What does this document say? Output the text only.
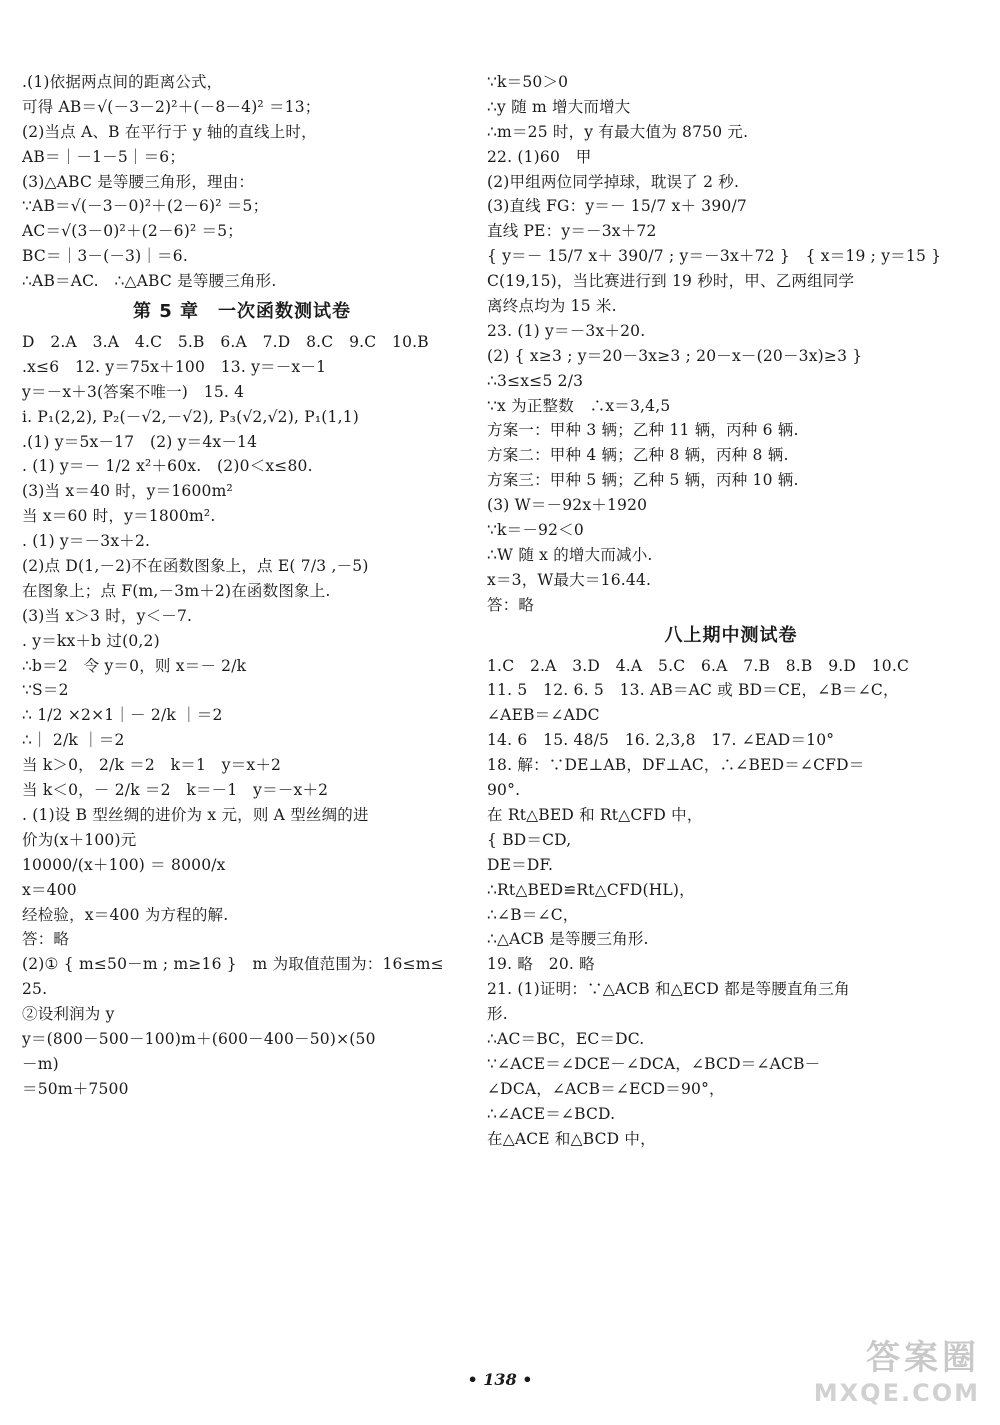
.(1)依据两点间的距离公式，
可得 AB＝√(－3－2)²＋(－8－4)² ＝13；
(2)当点 A、B 在平行于 y 轴的直线上时，
AB＝｜－1－5｜＝6；
(3)△ABC 是等腰三角形，理由：
∵AB＝√(－3－0)²＋(2－6)² ＝5；
AC＝√(3－0)²＋(2－6)² ＝5；
BC＝｜3－(－3)｜＝6.
∴AB＝AC.　∴△ABC 是等腰三角形.
第 5 章　一次函数测试卷
D　2.A　3.A　4.C　5.B　6.A　7.D　8.C　9.C　10.B
.x≤6　12. y＝75x＋100　13. y＝－x－1
y＝－x＋3(答案不唯一)　15. 4
i. P₁(2,2), P₂(－√2,－√2), P₃(√2,√2), P₁(1,1)
.(1) y＝5x－17　(2) y＝4x－14
. (1) y＝－ 1/2 x²＋60x.　(2)0＜x≤80.
(3)当 x＝40 时，y＝1600m²
当 x＝60 时，y＝1800m².
. (1) y＝－3x＋2.
(2)点 D(1,－2)不在函数图象上，点 E( 7/3 ,－5)
在图象上；点 F(m,－3m＋2)在函数图象上.
(3)当 x＞3 时，y＜－7.
. y＝kx＋b 过(0,2)
∴b＝2　令 y＝0，则 x＝－ 2/k
∵S＝2
∴ 1/2 ×2×1｜－ 2/k ｜＝2
∴｜ 2/k ｜＝2
当 k＞0， 2/k ＝2　k＝1　y＝x＋2
当 k＜0，－ 2/k ＝2　k＝－1　y＝－x＋2
. (1)设 B 型丝绸的进价为 x 元，则 A 型丝绸的进
价为(x＋100)元
10000/(x＋100) ＝ 8000/x
x＝400
经检验，x＝400 为方程的解.
答：略
(2)① { m≤50－m ; m≥16 }　m 为取值范围为：16≤m≤
25.
②设利润为 y
y＝(800－500－100)m＋(600－400－50)×(50
－m)
＝50m＋7500
∵k＝50＞0
∴y 随 m 增大而增大
∴m＝25 时，y 有最大值为 8750 元.
22. (1)60　甲
(2)甲组两位同学掉球，耽误了 2 秒.
(3)直线 FG：y＝－ 15/7 x＋ 390/7
直线 PE：y＝－3x＋72
{ y＝－ 15/7 x＋ 390/7 ; y＝－3x＋72 }　{ x＝19 ; y＝15 }
C(19,15)，当比赛进行到 19 秒时，甲、乙两组同学
离终点均为 15 米.
23. (1) y＝－3x＋20.
(2) { x≥3 ; y＝20－3x≥3 ; 20－x－(20－3x)≥3 }
∴3≤x≤5 2/3
∵x 为正整数　∴x＝3,4,5
方案一：甲种 3 辆；乙种 11 辆，丙种 6 辆.
方案二：甲种 4 辆；乙种 8 辆，丙种 8 辆.
方案三：甲种 5 辆；乙种 5 辆，丙种 10 辆.
(3) W＝－92x＋1920
∵k＝－92＜0
∴W 随 x 的增大而减小.
x＝3，W最大＝16.44.
答：略
八上期中测试卷
1.C　2.A　3.D　4.A　5.C　6.A　7.B　8.B　9.D　10.C
11. 5　12. 6. 5　13. AB＝AC 或 BD＝CE，∠B＝∠C，
∠AEB＝∠ADC
14. 6　15. 48/5　16. 2,3,8　17. ∠EAD＝10°
18. 解：∵DE⊥AB，DF⊥AC，∴∠BED＝∠CFD＝
90°.
在 Rt△BED 和 Rt△CFD 中，
{ BD＝CD,
DE＝DF.
∴Rt△BED≌Rt△CFD(HL)，
∴∠B＝∠C，
∴△ACB 是等腰三角形.
19. 略　20. 略
21. (1)证明：∵△ACB 和△ECD 都是等腰直角三角
形.
∴AC＝BC，EC＝DC.
∵∠ACE＝∠DCE－∠DCA，∠BCD＝∠ACB－
∠DCA，∠ACB＝∠ECD＝90°，
∴∠ACE＝∠BCD.
在△ACE 和△BCD 中，
• 138 •
答案圈
MXQE.COM
